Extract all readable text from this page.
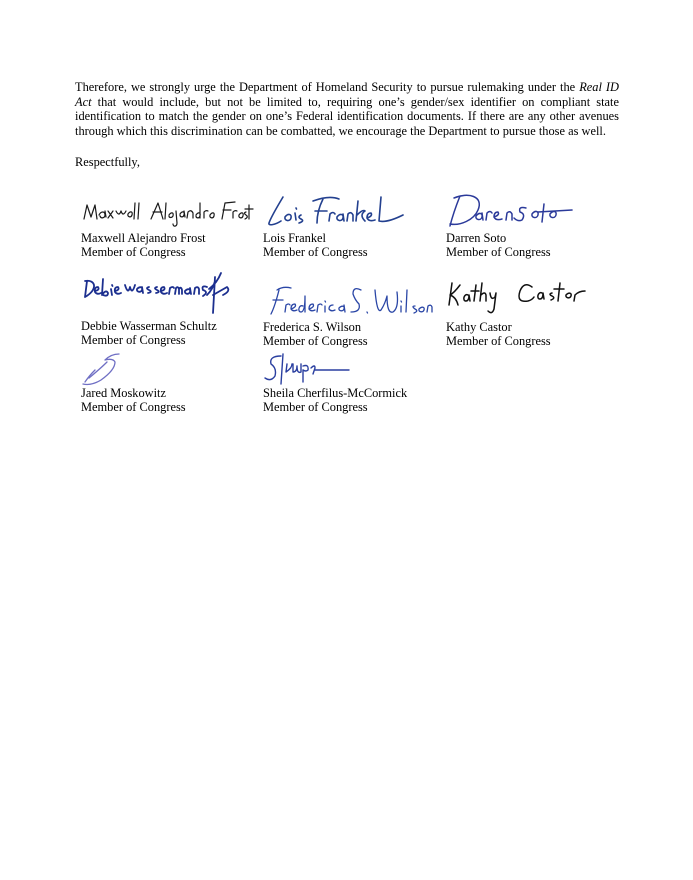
Therefore, we strongly urge the Department of Homeland Security to pursue rulemaking under the Real ID Act that would include, but not be limited to, requiring one’s gender/sex identifier on compliant state identification to match the gender on one’s Federal identification documents. If there are any other avenues through which this discrimination can be combatted, we encourage the Department to pursue those as well.

Respectfully,

Maxwell Alejandro Frost
Member of Congress
Lois Frankel
Member of Congress
Darren Soto
Member of Congress
Debbie Wasserman Schultz
Member of Congress
Frederica S. Wilson
Member of Congress
Kathy Castor
Member of Congress
Jared Moskowitz
Member of Congress
Sheila Cherfilus-McCormick
Member of Congress
